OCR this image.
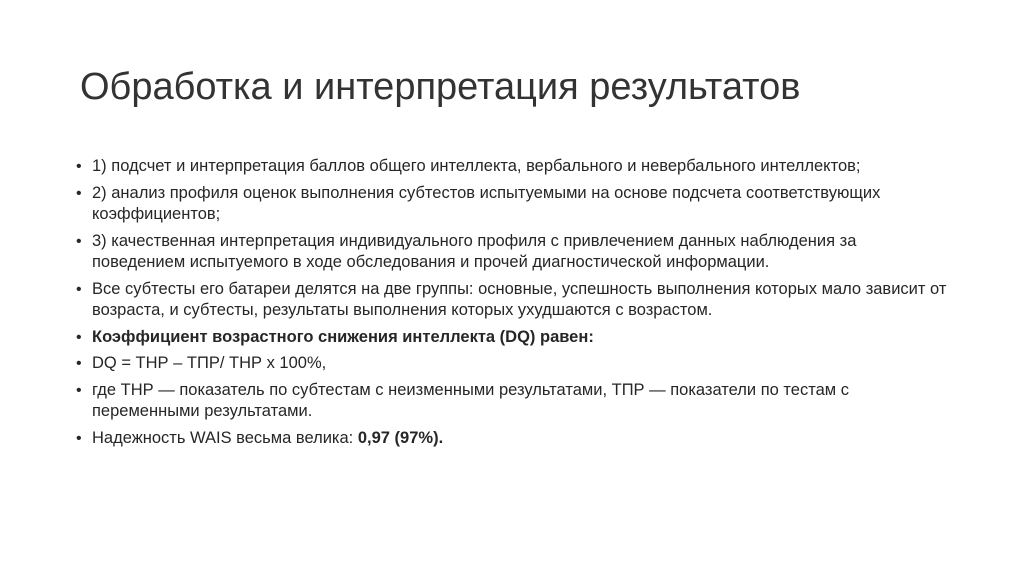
Обработка и интерпретация результатов
• 1) подсчет и интерпретация баллов общего интеллекта, вербального и невербального интеллектов;
• 2) анализ профиля оценок выполнения субтестов испытуемыми на основе подсчета соответствующих коэффициентов;
• 3) качественная интерпретация индивидуального профиля с привлечением данных наблюдения за поведением испытуемого в ходе обследования и прочей диагностической информации.
• Все субтесты его батареи делятся на две группы: основные, успешность выполнения которых мало зависит от возраста, и субтесты, результаты выполнения которых ухудшаются с возрастом.
• Коэффициент возрастного снижения интеллекта (DQ) равен:
• DQ = ТНР – ТПР/ ТНР х 100%,
• где ТНР — показатель по субтестам с неизменными результатами, ТПР — показатели по тестам с переменными результатами.
• Надежность WAIS весьма велика: 0,97 (97%).
